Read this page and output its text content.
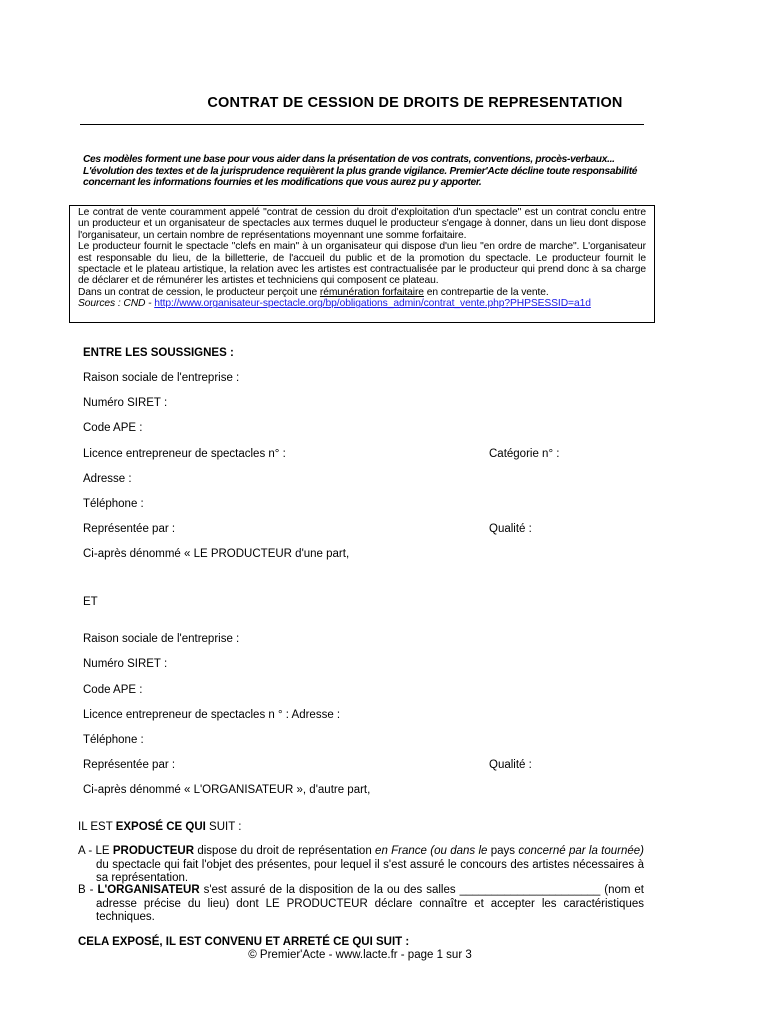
CONTRAT DE CESSION DE DROITS DE REPRESENTATION
Ces modèles forment une base pour vous aider dans la présentation de vos contrats, conventions, procès-verbaux...
L'évolution des textes et de la jurisprudence requièrent la plus grande vigilance. Premier'Acte décline toute responsabilité
concernant les informations fournies et les modifications que vous aurez pu y apporter.

Le contrat de vente couramment appelé "contrat de cession du droit d'exploitation d'un spectacle" est un contrat conclu entre un producteur et un organisateur de spectacles aux termes duquel le producteur s'engage à donner, dans un lieu dont dispose l'organisateur, un certain nombre de représentations moyennant une somme forfaitaire.

Le producteur fournit le spectacle "clefs en main" à un organisateur qui dispose d'un lieu "en ordre de marche". L'organisateur est responsable du lieu, de la billetterie, de l'accueil du public et de la promotion du spectacle. Le producteur fournit le spectacle et le plateau artistique, la relation avec les artistes est contractualisée par le producteur qui prend donc à sa charge de déclarer et de rémunérer les artistes et techniciens qui composent ce plateau.

Dans un contrat de cession, le producteur perçoit une rémunération forfaitaire en contrepartie de la vente.

Sources : CND - http://www.organisateur-spectacle.org/bp/obligations_admin/contrat_vente.php?PHPSESSID=a1d

ENTRE LES SOUSSIGNES :
Raison sociale de l'entreprise :
Numéro SIRET :
Code APE :
Licence entrepreneur de spectacles n° :	Catégorie n° :
Adresse :
Téléphone :
Représentée par :	Qualité :
Ci-après dénommé « LE PRODUCTEUR d'une part,
ET
Raison sociale de l'entreprise :
Numéro SIRET :
Code APE :
Licence entrepreneur de spectacles n ° : Adresse :
Téléphone :
Représentée par :	Qualité :
Ci-après dénommé « L'ORGANISATEUR », d'autre part,
IL EST EXPOSÉ CE QUI SUIT :
A - LE PRODUCTEUR dispose du droit de représentation en France (ou dans le pays concerné par la tournée) du spectacle qui fait l'objet des présentes, pour lequel il s'est assuré le concours des artistes nécessaires à sa représentation.
B - L'ORGANISATEUR s'est assuré de la disposition de la ou des salles ______________________ (nom et adresse précise du lieu) dont LE PRODUCTEUR déclare connaître et accepter les caractéristiques techniques.
CELA EXPOSÉ, IL EST CONVENU ET ARRETÉ CE QUI SUIT :
© Premier'Acte - www.lacte.fr - page 1 sur 3
